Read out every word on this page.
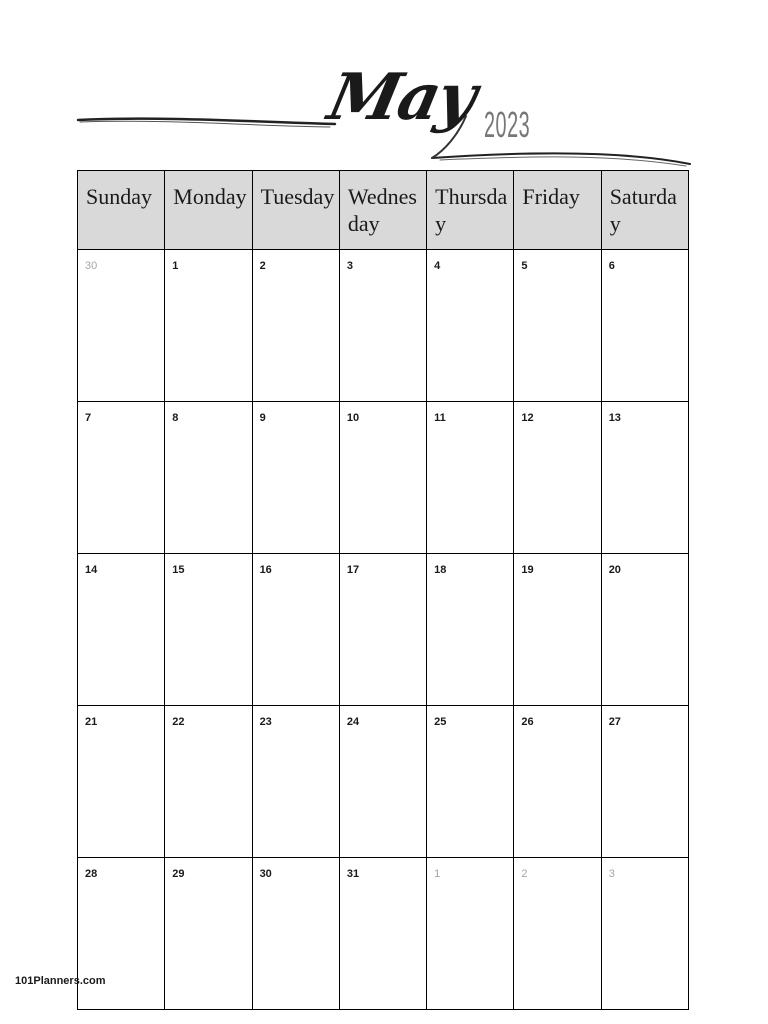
May 2023
Sunday	Monday	Tuesday	Wednesday	Thursday	Friday	Saturday
30	1	2	3	4	5	6
7	8	9	10	11	12	13
14	15	16	17	18	19	20
21	22	23	24	25	26	27
28	29	30	31	1	2	3
101Planners.com
